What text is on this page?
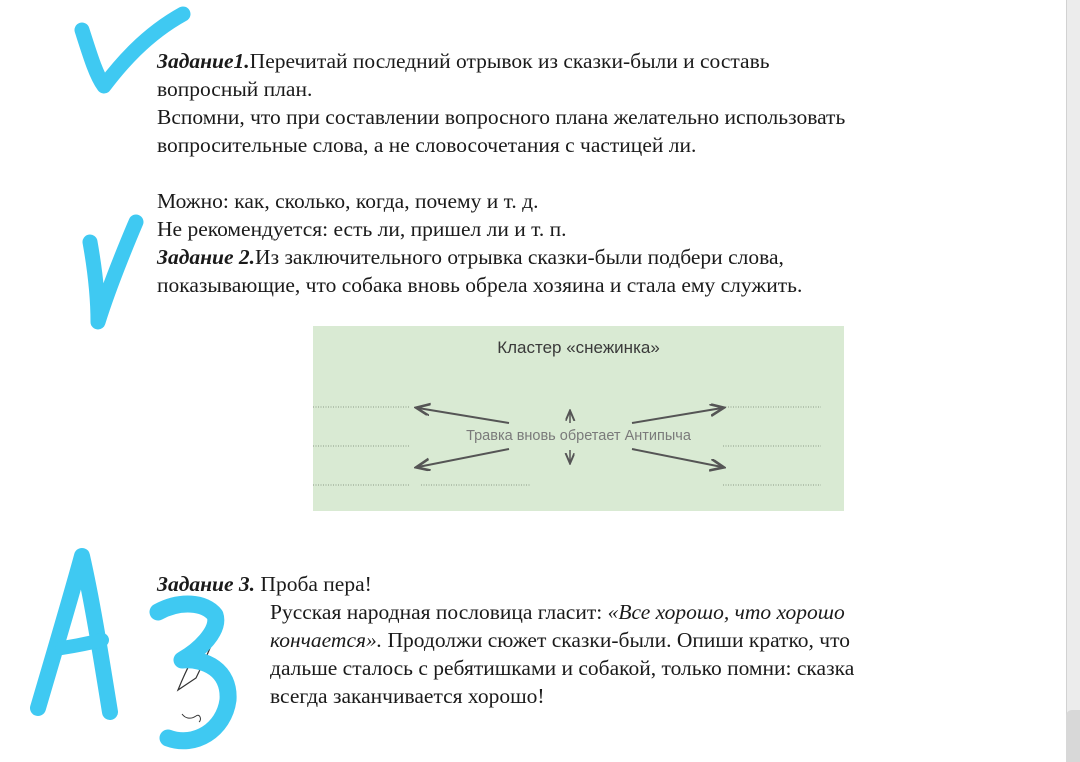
Задание1.Перечитай последний отрывок из сказки-были и составь
вопросный план.
Вспомни, что при составлении вопросного плана желательно использовать
вопросительные слова, а не словосочетания с частицей ли.
Можно: как, сколько, когда, почему и т. д.
Не рекомендуется: есть ли, пришел ли и т. п.
Задание 2.Из заключительного отрывка сказки-были подбери слова,
показывающие, что собака вновь обрела хозяина и стала ему служить.
Кластер «снежинка»
Травка вновь обретает Антипыча
Задание 3. Проба пера!
Русская народная пословица гласит: «Все хорошо, что хорошо
кончается». Продолжи сюжет сказки-были. Опиши кратко, что
дальше сталось с ребятишками и собакой, только помни: сказка
всегда заканчивается хорошо!
